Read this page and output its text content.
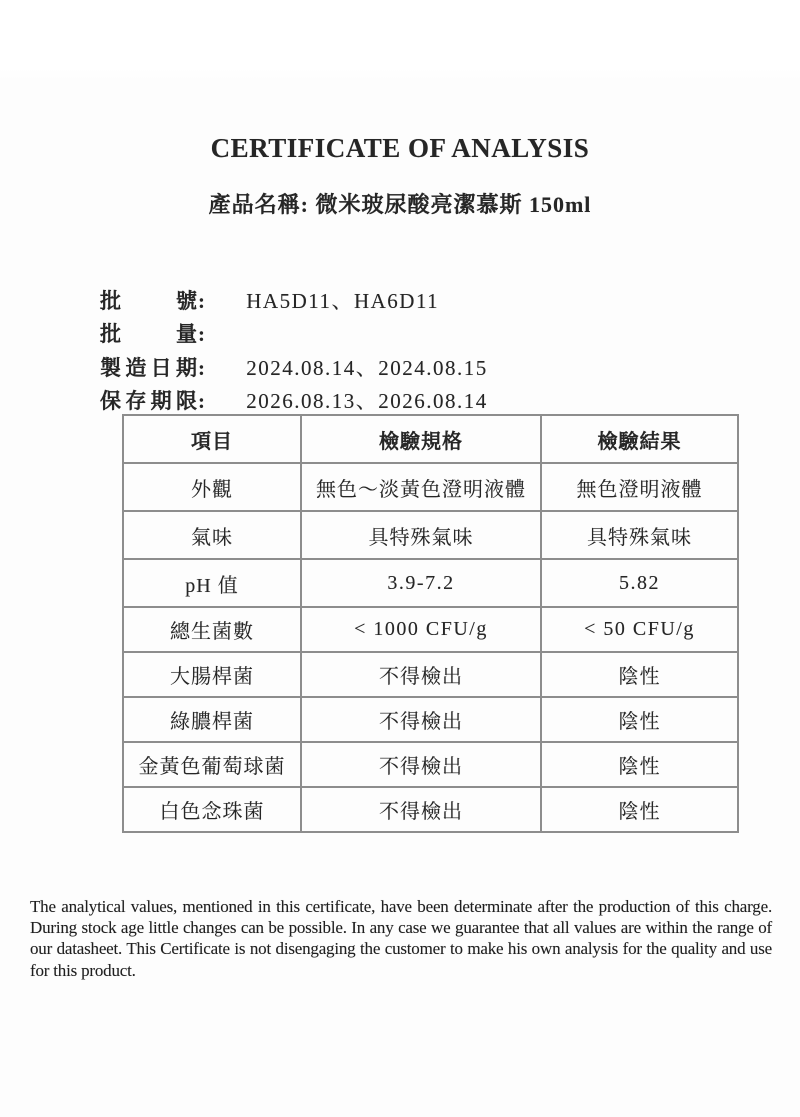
CERTIFICATE OF ANALYSIS
產品名稱: 微米玻尿酸亮潔慕斯 150ml
批號: HA5D11、HA6D11
批量:
製造日期: 2024.08.14、2024.08.15
保存期限: 2026.08.13、2026.08.14
項目	檢驗規格	檢驗結果
外觀	無色～淡黃色澄明液體	無色澄明液體
氣味	具特殊氣味	具特殊氣味
pH 值	3.9-7.2	5.82
總生菌數	< 1000 CFU/g	< 50 CFU/g
大腸桿菌	不得檢出	陰性
綠膿桿菌	不得檢出	陰性
金黃色葡萄球菌	不得檢出	陰性
白色念珠菌	不得檢出	陰性

The analytical values, mentioned in this certificate, have been determinate after the production of this charge. During stock age little changes can be possible. In any case we guarantee that all values are within the range of our datasheet. This Certificate is not disengaging the customer to make his own analysis for the quality and use for this product.
